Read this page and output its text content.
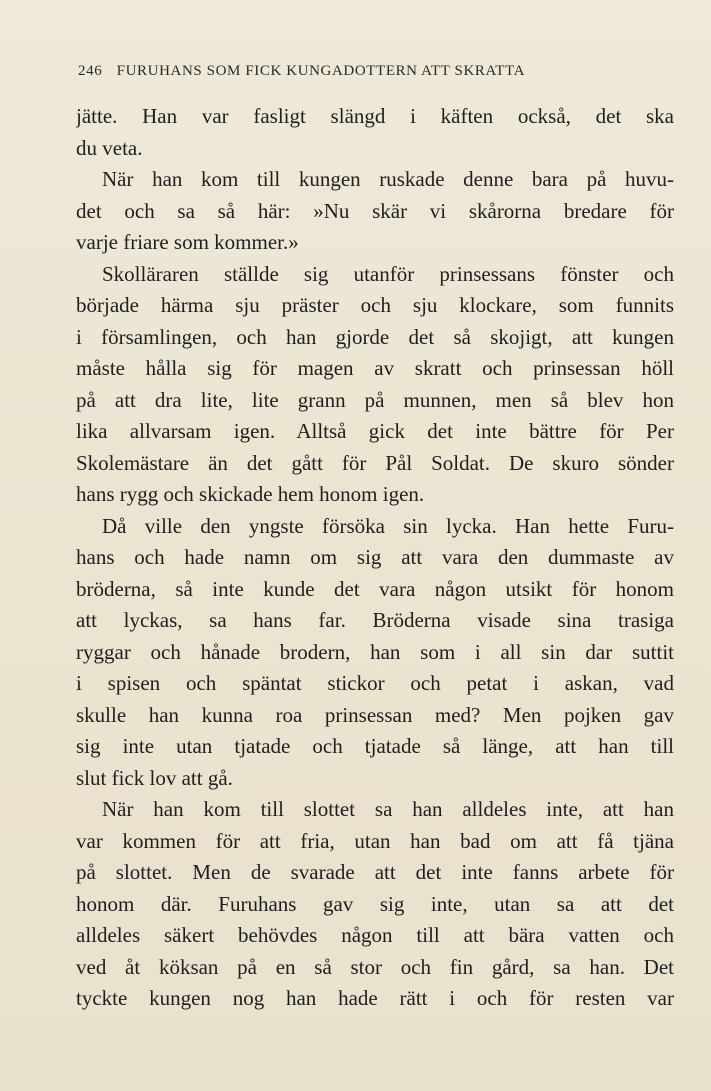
246 FURUHANS SOM FICK KUNGADOTTERN ATT SKRATTA
jätte. Han var fasligt slängd i käften också, det ska
du veta.
När han kom till kungen ruskade denne bara på huvu-
det och sa så här: »Nu skär vi skårorna bredare för
varje friare som kommer.»
Skolläraren ställde sig utanför prinsessans fönster och
började härma sju präster och sju klockare, som funnits
i församlingen, och han gjorde det så skojigt, att kungen
måste hålla sig för magen av skratt och prinsessan höll
på att dra lite, lite grann på munnen, men så blev hon
lika allvarsam igen. Alltså gick det inte bättre för Per
Skolemästare än det gått för Pål Soldat. De skuro sönder
hans rygg och skickade hem honom igen.
Då ville den yngste försöka sin lycka. Han hette Furu-
hans och hade namn om sig att vara den dummaste av
bröderna, så inte kunde det vara någon utsikt för honom
att lyckas, sa hans far. Bröderna visade sina trasiga
ryggar och hånade brodern, han som i all sin dar suttit
i spisen och späntat stickor och petat i askan, vad
skulle han kunna roa prinsessan med? Men pojken gav
sig inte utan tjatade och tjatade så länge, att han till
slut fick lov att gå.
När han kom till slottet sa han alldeles inte, att han
var kommen för att fria, utan han bad om att få tjäna
på slottet. Men de svarade att det inte fanns arbete för
honom där. Furuhans gav sig inte, utan sa att det
alldeles säkert behövdes någon till att bära vatten och
ved åt köksan på en så stor och fin gård, sa han. Det
tyckte kungen nog han hade rätt i och för resten var
